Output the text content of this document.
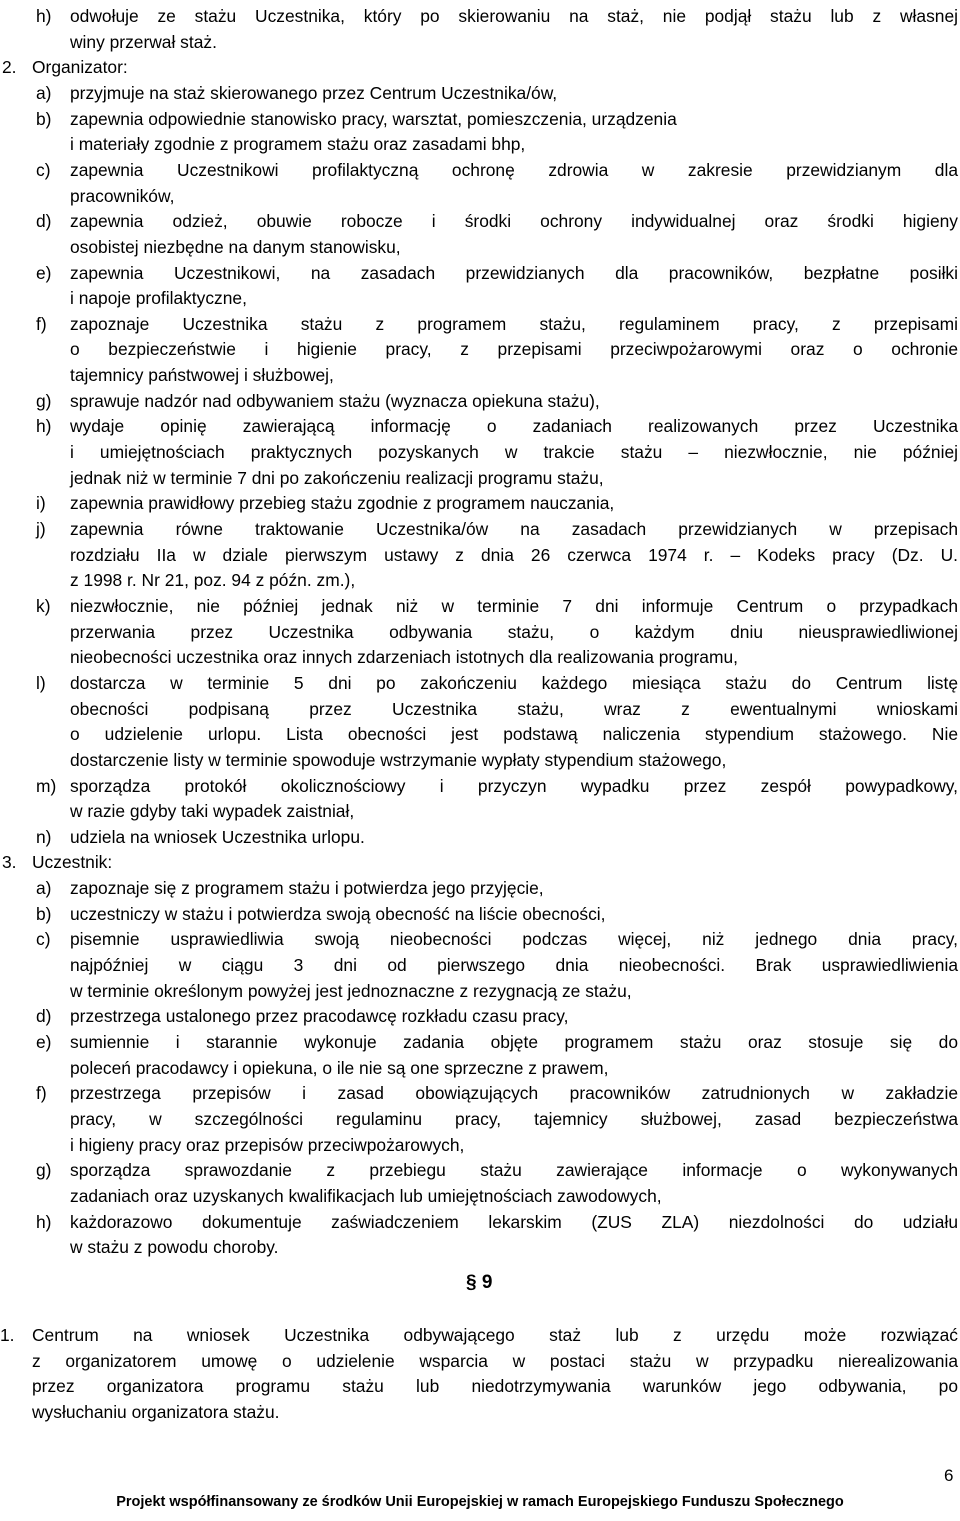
h) odwołuje ze stażu Uczestnika, który po skierowaniu na staż, nie podjął stażu lub z własnej
winy przerwał staż.
2. Organizator:
a) przyjmuje na staż skierowanego przez Centrum Uczestnika/ów,
b) zapewnia odpowiednie stanowisko pracy, warsztat, pomieszczenia, urządzenia
i materiały zgodnie z programem stażu oraz zasadami bhp,
c) zapewnia Uczestnikowi profilaktyczną ochronę zdrowia w zakresie przewidzianym dla
pracowników,
d) zapewnia odzież, obuwie robocze i środki ochrony indywidualnej oraz środki higieny
osobistej niezbędne na danym stanowisku,
e) zapewnia Uczestnikowi, na zasadach przewidzianych dla pracowników, bezpłatne posiłki
i napoje profilaktyczne,
f) zapoznaje Uczestnika stażu z programem stażu, regulaminem pracy, z przepisami
o bezpieczeństwie i higienie pracy, z przepisami przeciwpożarowymi oraz o ochronie
tajemnicy państwowej i służbowej,
g) sprawuje nadzór nad odbywaniem stażu (wyznacza opiekuna stażu),
h) wydaje opinię zawierającą informację o zadaniach realizowanych przez Uczestnika
i umiejętnościach praktycznych pozyskanych w trakcie stażu – niezwłocznie, nie później
jednak niż w terminie 7 dni po zakończeniu realizacji programu stażu,
i) zapewnia prawidłowy przebieg stażu zgodnie z programem nauczania,
j) zapewnia równe traktowanie Uczestnika/ów na zasadach przewidzianych w przepisach
rozdziału IIa w dziale pierwszym ustawy z dnia 26 czerwca 1974 r. – Kodeks pracy (Dz. U.
z 1998 r. Nr 21, poz. 94 z późn. zm.),
k) niezwłocznie, nie później jednak niż w terminie 7 dni informuje Centrum o przypadkach
przerwania przez Uczestnika odbywania stażu, o każdym dniu nieusprawiedliwionej
nieobecności uczestnika oraz innych zdarzeniach istotnych dla realizowania programu,
l) dostarcza w terminie 5 dni po zakończeniu każdego miesiąca stażu do Centrum listę
obecności podpisaną przez Uczestnika stażu, wraz z ewentualnymi wnioskami
o udzielenie urlopu. Lista obecności jest podstawą naliczenia stypendium stażowego. Nie
dostarczenie listy w terminie spowoduje wstrzymanie wypłaty stypendium stażowego,
m) sporządza protokół okolicznościowy i przyczyn wypadku przez zespół powypadkowy,
w razie gdyby taki wypadek zaistniał,
n) udziela na wniosek Uczestnika urlopu.
3. Uczestnik:
a) zapoznaje się z programem stażu i potwierdza jego przyjęcie,
b) uczestniczy w stażu i potwierdza swoją obecność na liście obecności,
c) pisemnie usprawiedliwia swoją nieobecności podczas więcej, niż jednego dnia pracy,
najpóźniej w ciągu 3 dni od pierwszego dnia nieobecności. Brak usprawiedliwienia
w terminie określonym powyżej jest jednoznaczne z rezygnacją ze stażu,
d) przestrzega ustalonego przez pracodawcę rozkładu czasu pracy,
e) sumiennie i starannie wykonuje zadania objęte programem stażu oraz stosuje się do
poleceń pracodawcy i opiekuna, o ile nie są one sprzeczne z prawem,
f) przestrzega przepisów i zasad obowiązujących pracowników zatrudnionych w zakładzie
pracy, w szczególności regulaminu pracy, tajemnicy służbowej, zasad bezpieczeństwa
i higieny pracy oraz przepisów przeciwpożarowych,
g) sporządza sprawozdanie z przebiegu stażu zawierające informacje o wykonywanych
zadaniach oraz uzyskanych kwalifikacjach lub umiejętnościach zawodowych,
h) każdorazowo dokumentuje zaświadczeniem lekarskim (ZUS ZLA) niezdolności do udziału
w stażu z powodu choroby.
§ 9
1. Centrum na wniosek Uczestnika odbywającego staż lub z urzędu może rozwiązać
z organizatorem umowę o udzielenie wsparcia w postaci stażu w przypadku nierealizowania
przez organizatora programu stażu lub niedotrzymywania warunków jego odbywania, po
wysłuchaniu organizatora stażu.
6
Projekt współfinansowany ze środków Unii Europejskiej w ramach Europejskiego Funduszu Społecznego
